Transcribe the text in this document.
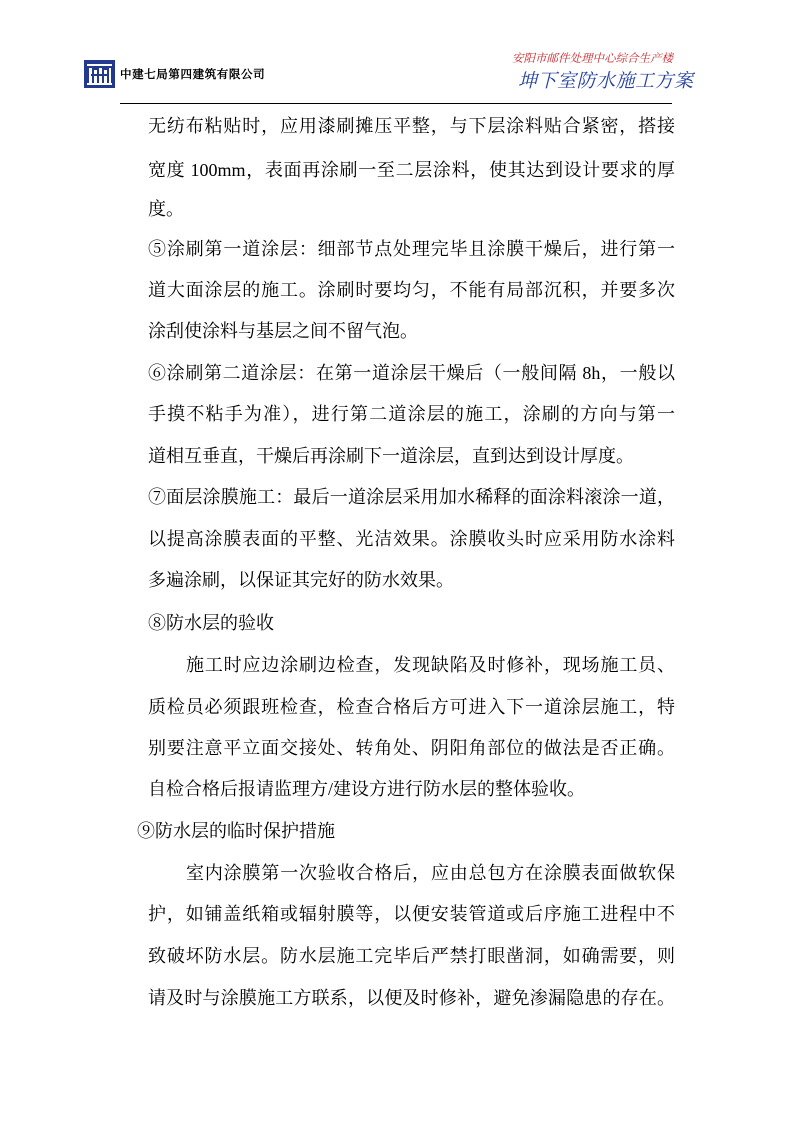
中建七局第四建筑有限公司
安阳市邮件处理中心综合生产楼
坤下室防水施工方案
无纺布粘贴时，应用漆刷摊压平整，与下层涂料贴合紧密，搭接
宽度 100mm，表面再涂刷一至二层涂料，使其达到设计要求的厚
度。
⑤涂刷第一道涂层：细部节点处理完毕且涂膜干燥后，进行第一
道大面涂层的施工。涂刷时要均匀，不能有局部沉积，并要多次
涂刮使涂料与基层之间不留气泡。
⑥涂刷第二道涂层：在第一道涂层干燥后（一般间隔 8h，一般以
手摸不粘手为准），进行第二道涂层的施工，涂刷的方向与第一
道相互垂直，干燥后再涂刷下一道涂层，直到达到设计厚度。
⑦面层涂膜施工：最后一道涂层采用加水稀释的面涂料滚涂一道，
以提高涂膜表面的平整、光洁效果。涂膜收头时应采用防水涂料
多遍涂刷，以保证其完好的防水效果。
⑧防水层的验收
施工时应边涂刷边检查，发现缺陷及时修补，现场施工员、
质检员必须跟班检查，检查合格后方可进入下一道涂层施工，特
别要注意平立面交接处、转角处、阴阳角部位的做法是否正确。
自检合格后报请监理方/建设方进行防水层的整体验收。
⑨防水层的临时保护措施
室内涂膜第一次验收合格后，应由总包方在涂膜表面做软保
护，如铺盖纸箱或辐射膜等，以便安装管道或后序施工进程中不
致破坏防水层。防水层施工完毕后严禁打眼凿洞，如确需要，则
请及时与涂膜施工方联系，以便及时修补，避免渗漏隐患的存在。
